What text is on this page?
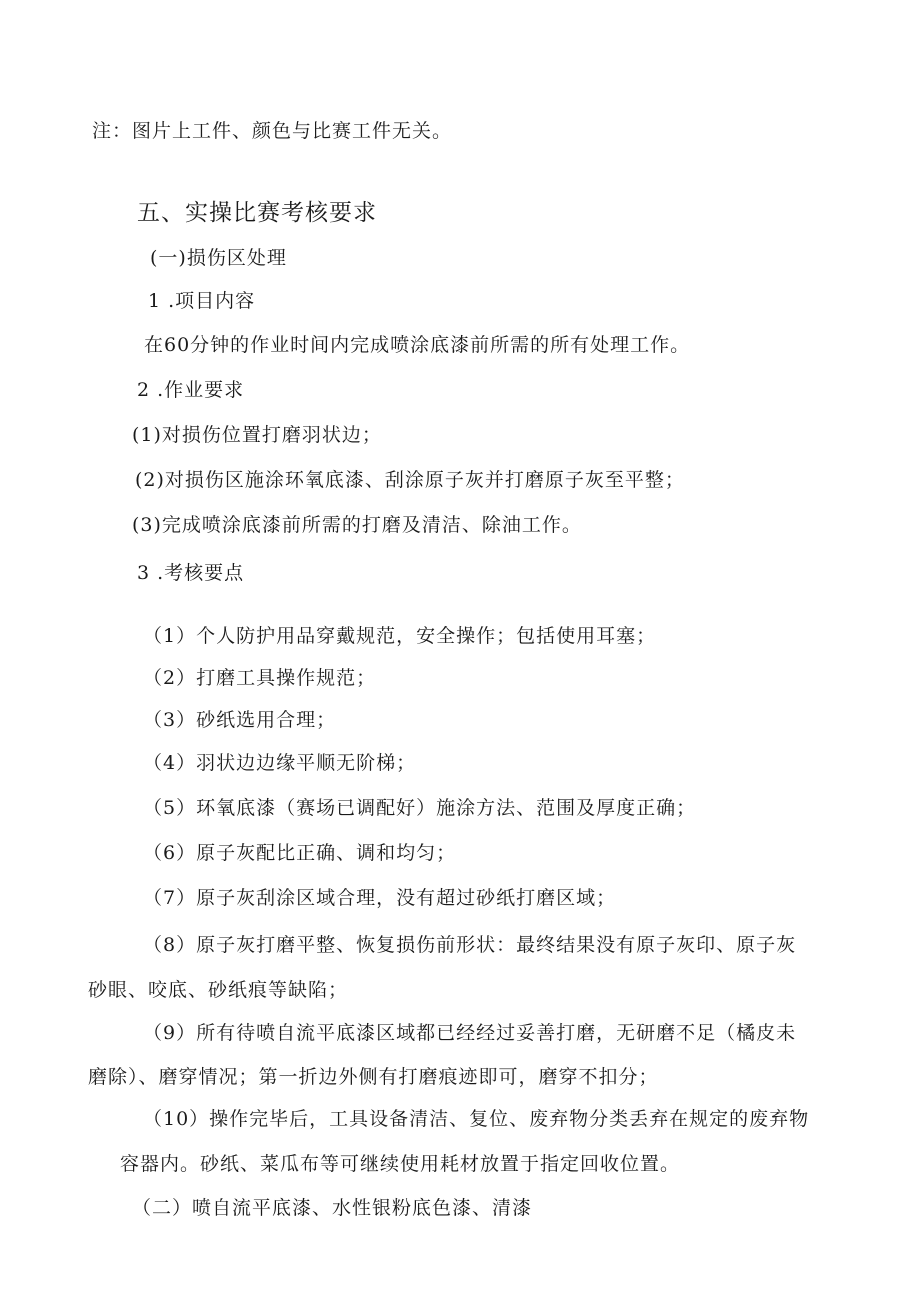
注：图片上工件、颜色与比赛工件无关。
五、实操比赛考核要求
(一)损伤区处理
1 .项目内容
在60分钟的作业时间内完成喷涂底漆前所需的所有处理工作。
2 .作业要求
(1)对损伤位置打磨羽状边；
(2)对损伤区施涂环氧底漆、刮涂原子灰并打磨原子灰至平整；
(3)完成喷涂底漆前所需的打磨及清洁、除油工作。
3 .考核要点
（1）个人防护用品穿戴规范，安全操作；包括使用耳塞；
（2）打磨工具操作规范；
（3）砂纸选用合理；
（4）羽状边边缘平顺无阶梯；
（5）环氧底漆（赛场已调配好）施涂方法、范围及厚度正确；
（6）原子灰配比正确、调和均匀；
（7）原子灰刮涂区域合理，没有超过砂纸打磨区域；
（8）原子灰打磨平整、恢复损伤前形状：最终结果没有原子灰印、原子灰
砂眼、咬底、砂纸痕等缺陷；
（9）所有待喷自流平底漆区域都已经经过妥善打磨，无研磨不足（橘皮未
磨除）、磨穿情况；第一折边外侧有打磨痕迹即可，磨穿不扣分；
（10）操作完毕后，工具设备清洁、复位、废弃物分类丢弃在规定的废弃物
容器内。砂纸、菜瓜布等可继续使用耗材放置于指定回收位置。
（二）喷自流平底漆、水性银粉底色漆、清漆
